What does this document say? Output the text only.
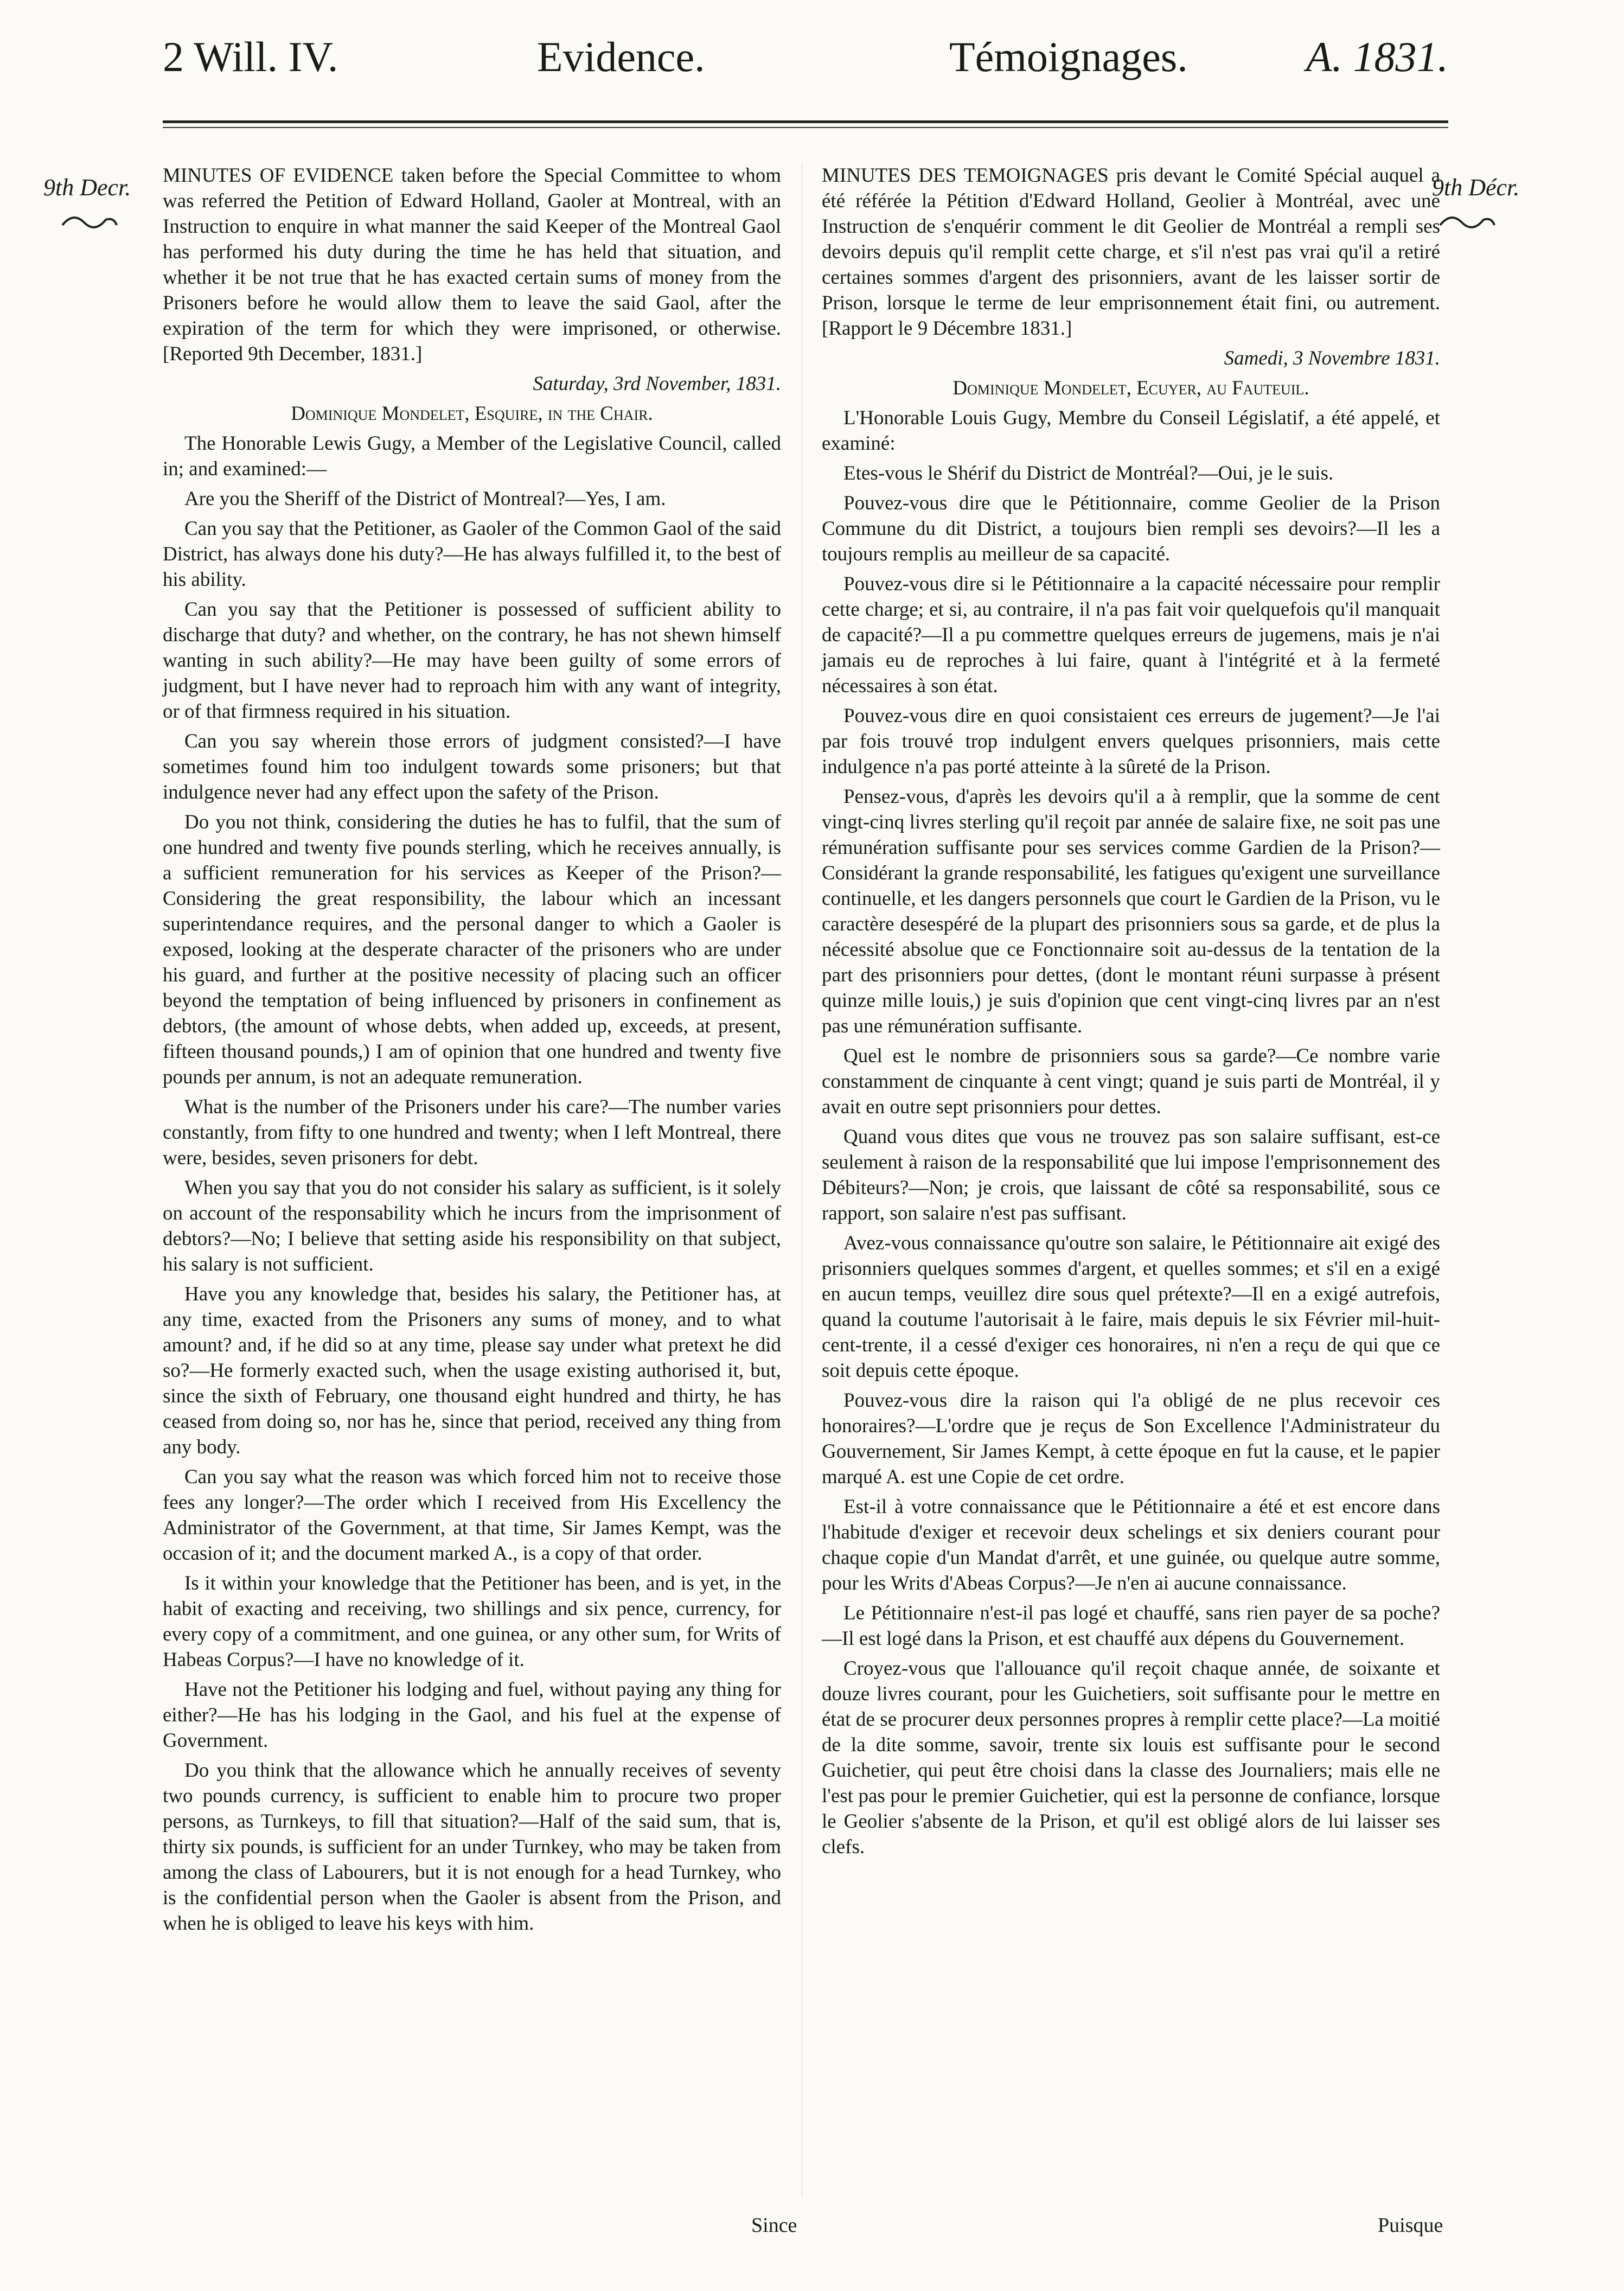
2 Will. IV.	Evidence.	Témoignages.	A. 1831.
9th Decr.	9th Décr.

MINUTES OF EVIDENCE taken before the Special Committee to whom was referred the Petition of Edward Holland, Gaoler at Montreal, with an Instruction to enquire in what manner the said Keeper of the Montreal Gaol has performed his duty during the time he has held that situation, and whether it be not true that he has exacted certain sums of money from the Prisoners before he would allow them to leave the said Gaol, after the expiration of the term for which they were imprisoned, or otherwise. [Reported 9th December, 1831.]

Saturday, 3rd November, 1831.

Dominique Mondelet, Esquire, in the Chair.

The Honorable Lewis Gugy, a Member of the Legislative Council, called in; and examined:—

Are you the Sheriff of the District of Montreal?—Yes, I am.

Can you say that the Petitioner, as Gaoler of the Common Gaol of the said District, has always done his duty?—He has always fulfilled it, to the best of his ability.

Can you say that the Petitioner is possessed of sufficient ability to discharge that duty? and whether, on the contrary, he has not shewn himself wanting in such ability?—He may have been guilty of some errors of judgment, but I have never had to reproach him with any want of integrity, or of that firmness required in his situation.

Can you say wherein those errors of judgment consisted?—I have sometimes found him too indulgent towards some prisoners; but that indulgence never had any effect upon the safety of the Prison.

Do you not think, considering the duties he has to fulfil, that the sum of one hundred and twenty five pounds sterling, which he receives annually, is a sufficient remuneration for his services as Keeper of the Prison?—Considering the great responsibility, the labour which an incessant superintendance requires, and the personal danger to which a Gaoler is exposed, looking at the desperate character of the prisoners who are under his guard, and further at the positive necessity of placing such an officer beyond the temptation of being influenced by prisoners in confinement as debtors, (the amount of whose debts, when added up, exceeds, at present, fifteen thousand pounds,) I am of opinion that one hundred and twenty five pounds per annum, is not an adequate remuneration.

What is the number of the Prisoners under his care?—The number varies constantly, from fifty to one hundred and twenty; when I left Montreal, there were, besides, seven prisoners for debt.

When you say that you do not consider his salary as sufficient, is it solely on account of the responsability which he incurs from the imprisonment of debtors?—No; I believe that setting aside his responsibility on that subject, his salary is not sufficient.

Have you any knowledge that, besides his salary, the Petitioner has, at any time, exacted from the Prisoners any sums of money, and to what amount? and, if he did so at any time, please say under what pretext he did so?—He formerly exacted such, when the usage existing authorised it, but, since the sixth of February, one thousand eight hundred and thirty, he has ceased from doing so, nor has he, since that period, received any thing from any body.

Can you say what the reason was which forced him not to receive those fees any longer?—The order which I received from His Excellency the Administrator of the Government, at that time, Sir James Kempt, was the occasion of it; and the document marked A., is a copy of that order.

Is it within your knowledge that the Petitioner has been, and is yet, in the habit of exacting and receiving, two shillings and six pence, currency, for every copy of a commitment, and one guinea, or any other sum, for Writs of Habeas Corpus?—I have no knowledge of it.

Have not the Petitioner his lodging and fuel, without paying any thing for either?—He has his lodging in the Gaol, and his fuel at the expense of Government.

Do you think that the allowance which he annually receives of seventy two pounds currency, is sufficient to enable him to procure two proper persons, as Turnkeys, to fill that situation?—Half of the said sum, that is, thirty six pounds, is sufficient for an under Turnkey, who may be taken from among the class of Labourers, but it is not enough for a head Turnkey, who is the confidential person when the Gaoler is absent from the Prison, and when he is obliged to leave his keys with him.

MINUTES DES TEMOIGNAGES pris devant le Comité Spécial auquel a été référée la Pétition d'Edward Holland, Geolier à Montréal, avec une Instruction de s'enquérir comment le dit Geolier de Montréal a rempli ses devoirs depuis qu'il remplit cette charge, et s'il n'est pas vrai qu'il a retiré certaines sommes d'argent des prisonniers, avant de les laisser sortir de Prison, lorsque le terme de leur emprisonnement était fini, ou autrement. [Rapport le 9 Décembre 1831.]

Samedi, 3 Novembre 1831.

Dominique Mondelet, Ecuyer, au Fauteuil.

L'Honorable Louis Gugy, Membre du Conseil Législatif, a été appelé, et examiné:

Etes-vous le Shérif du District de Montréal?—Oui, je le suis.

Pouvez-vous dire que le Pétitionnaire, comme Geolier de la Prison Commune du dit District, a toujours bien rempli ses devoirs?—Il les a toujours remplis au meilleur de sa capacité.

Pouvez-vous dire si le Pétitionnaire a la capacité nécessaire pour remplir cette charge; et si, au contraire, il n'a pas fait voir quelquefois qu'il manquait de capacité?—Il a pu commettre quelques erreurs de jugemens, mais je n'ai jamais eu de reproches à lui faire, quant à l'intégrité et à la fermeté nécessaires à son état.

Pouvez-vous dire en quoi consistaient ces erreurs de jugement?—Je l'ai par fois trouvé trop indulgent envers quelques prisonniers, mais cette indulgence n'a pas porté atteinte à la sûreté de la Prison.

Pensez-vous, d'après les devoirs qu'il a à remplir, que la somme de cent vingt-cinq livres sterling qu'il reçoit par année de salaire fixe, ne soit pas une rémunération suffisante pour ses services comme Gardien de la Prison?—Considérant la grande responsabilité, les fatigues qu'exigent une surveillance continuelle, et les dangers personnels que court le Gardien de la Prison, vu le caractère desespéré de la plupart des prisonniers sous sa garde, et de plus la nécessité absolue que ce Fonctionnaire soit au-dessus de la tentation de la part des prisonniers pour dettes, (dont le montant réuni surpasse à présent quinze mille louis,) je suis d'opinion que cent vingt-cinq livres par an n'est pas une rémunération suffisante.

Quel est le nombre de prisonniers sous sa garde?—Ce nombre varie constamment de cinquante à cent vingt; quand je suis parti de Montréal, il y avait en outre sept prisonniers pour dettes.

Quand vous dites que vous ne trouvez pas son salaire suffisant, est-ce seulement à raison de la responsabilité que lui impose l'emprisonnement des Débiteurs?—Non; je crois, que laissant de côté sa responsabilité, sous ce rapport, son salaire n'est pas suffisant.

Avez-vous connaissance qu'outre son salaire, le Pétitionnaire ait exigé des prisonniers quelques sommes d'argent, et quelles sommes; et s'il en a exigé en aucun temps, veuillez dire sous quel prétexte?—Il en a exigé autrefois, quand la coutume l'autorisait à le faire, mais depuis le six Février mil-huit-cent-trente, il a cessé d'exiger ces honoraires, ni n'en a reçu de qui que ce soit depuis cette époque.

Pouvez-vous dire la raison qui l'a obligé de ne plus recevoir ces honoraires?—L'ordre que je reçus de Son Excellence l'Administrateur du Gouvernement, Sir James Kempt, à cette époque en fut la cause, et le papier marqué A. est une Copie de cet ordre.

Est-il à votre connaissance que le Pétitionnaire a été et est encore dans l'habitude d'exiger et recevoir deux schelings et six deniers courant pour chaque copie d'un Mandat d'arrêt, et une guinée, ou quelque autre somme, pour les Writs d'Abeas Corpus?—Je n'en ai aucune connaissance.

Le Pétitionnaire n'est-il pas logé et chauffé, sans rien payer de sa poche?—Il est logé dans la Prison, et est chauffé aux dépens du Gouvernement.

Croyez-vous que l'allouance qu'il reçoit chaque année, de soixante et douze livres courant, pour les Guichetiers, soit suffisante pour le mettre en état de se procurer deux personnes propres à remplir cette place?—La moitié de la dite somme, savoir, trente six louis est suffisante pour le second Guichetier, qui peut être choisi dans la classe des Journaliers; mais elle ne l'est pas pour le premier Guichetier, qui est la personne de confiance, lorsque le Geolier s'absente de la Prison, et qu'il est obligé alors de lui laisser ses clefs.

Since	Puisque
